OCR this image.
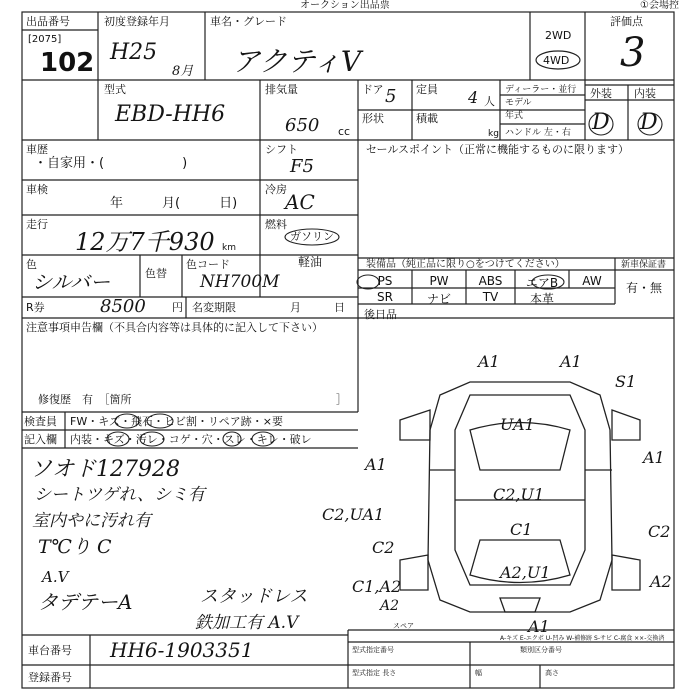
オークション出品票	①会場控
出品番号
[2075]
102
初度登録年月
H25
8月
車名・グレード
アクティV
2WD
4WD
評価点
3
型式
EBD-HH6
排気量
650 cc
ドア 5 定員 4 人
ディーラー・並行
モデル
年式
外装 内装
D D
形状	積載
kg ハンドル 左・右
車歴
・自家用・(　　　　　　)
シフト
F5
車検
年　　　月(　　　日)
冷房
AC
走行
12万7千930 km
燃料
ガソリン
軽油
色
シルバー	色替
色コード
NH700M
R券	8500 円 名変期限	月　　　日
セールスポイント（正常に機能するものに限ります）
装備品（純正品に限り○をつけてください）	新車保証書
有・無
PS	PW	ABS	エアB	AW
SR	ナビ	TV	本革
注意事項申告欄（不具合内容等は具体的に記入して下さい）
後日品
修復歴　有　［箇所	］
検査員
記入欄
FW・キズ・飛石・ヒビ割・リペア跡・×要
内装・キズ・汚レ・コゲ・穴・スレ・キレ・破レ
ソオド127928
シートツゲれ、シミ有
室内やに汚れ有
T℃り C
A.V
タデテーA	スタッドレス
鉄加工有 A.V
A1	A1
S1
UA1
A1
C2,U1
C2,UA1
C1
C2
C1,A2
A2,U1
A1
A1
C2
A2
A2
スペア
車台番号 HH6-1903351
登録番号
A-キズ E-エクボ U-凹み W-補修跡 S-サビ C-腐食 ××-交換済
型式指定番号	類別区分番号
型式指定 長さ	幅	高さ
